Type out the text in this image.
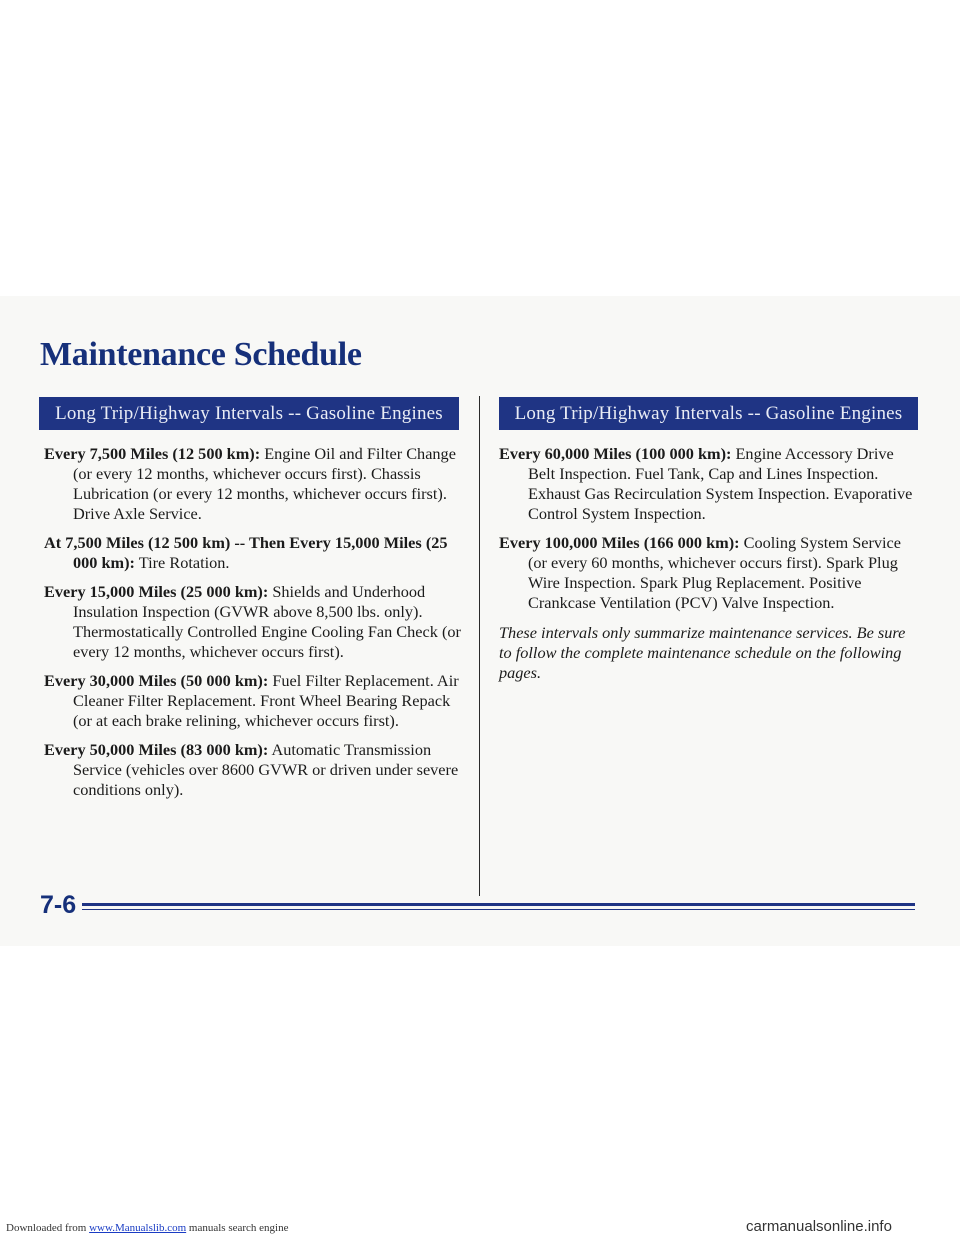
Maintenance Schedule
Long Trip/Highway Intervals -- Gasoline Engines	Long Trip/Highway Intervals -- Gasoline Engines

Every 7,500 Miles (12 500 km): Engine Oil and Filter Change (or every 12 months, whichever occurs first). Chassis Lubrication (or every 12 months, whichever occurs first). Drive Axle Service.

At 7,500 Miles (12 500 km) -- Then Every 15,000 Miles (25 000 km): Tire Rotation.

Every 15,000 Miles (25 000 km): Shields and Underhood Insulation Inspection (GVWR above 8,500 lbs. only). Thermostatically Controlled Engine Cooling Fan Check (or every 12 months, whichever occurs first).

Every 30,000 Miles (50 000 km): Fuel Filter Replacement. Air Cleaner Filter Replacement. Front Wheel Bearing Repack (or at each brake relining, whichever occurs first).

Every 50,000 Miles (83 000 km): Automatic Transmission Service (vehicles over 8600 GVWR or driven under severe conditions only).

Every 60,000 Miles (100 000 km): Engine Accessory Drive Belt Inspection. Fuel Tank, Cap and Lines Inspection. Exhaust Gas Recirculation System Inspection. Evaporative Control System Inspection.

Every 100,000 Miles (166 000 km): Cooling System Service (or every 60 months, whichever occurs first). Spark Plug Wire Inspection. Spark Plug Replacement. Positive Crankcase Ventilation (PCV) Valve Inspection.

These intervals only summarize maintenance services. Be sure to follow the complete maintenance schedule on the following pages.

7-6
Downloaded from www.Manualslib.com manuals search engine	carmanualsonline.info
